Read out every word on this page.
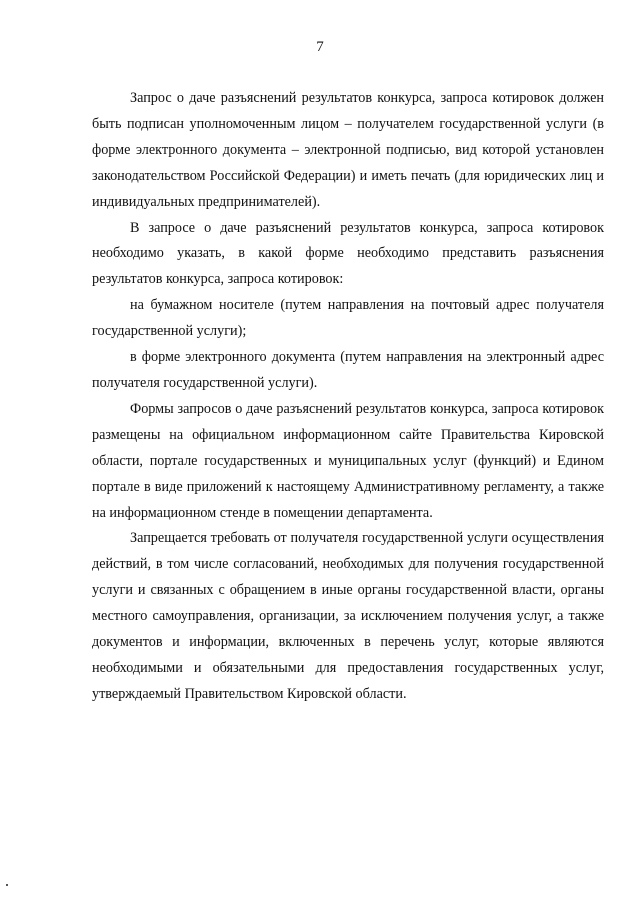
7

Запрос о даче разъяснений результатов конкурса, запроса котировок должен быть подписан уполномоченным лицом – получателем государственной услуги (в форме электронного документа – электронной подписью, вид которой установлен законодательством Российской Федерации) и иметь печать (для юридических лиц и индивидуальных предпринимателей).

В запросе о даче разъяснений результатов конкурса, запроса котировок необходимо указать, в какой форме необходимо представить разъяснения результатов конкурса, запроса котировок:

на бумажном носителе (путем направления на почтовый адрес получателя государственной услуги);

в форме электронного документа (путем направления на электронный адрес получателя государственной услуги).

Формы запросов о даче разъяснений результатов конкурса, запроса котировок размещены на официальном информационном сайте Правительства Кировской области, портале государственных и муниципальных услуг (функций) и Едином портале в виде приложений к настоящему Административному регламенту, а также на информационном стенде в помещении департамента.

Запрещается требовать от получателя государственной услуги осуществления действий, в том числе согласований, необходимых для получения государственной услуги и связанных с обращением в иные органы государственной власти, органы местного самоуправления, организации, за исключением получения услуг, а также документов и информации, включенных в перечень услуг, которые являются необходимыми и обязательными для предоставления государственных услуг, утверждаемый Правительством Кировской области.
